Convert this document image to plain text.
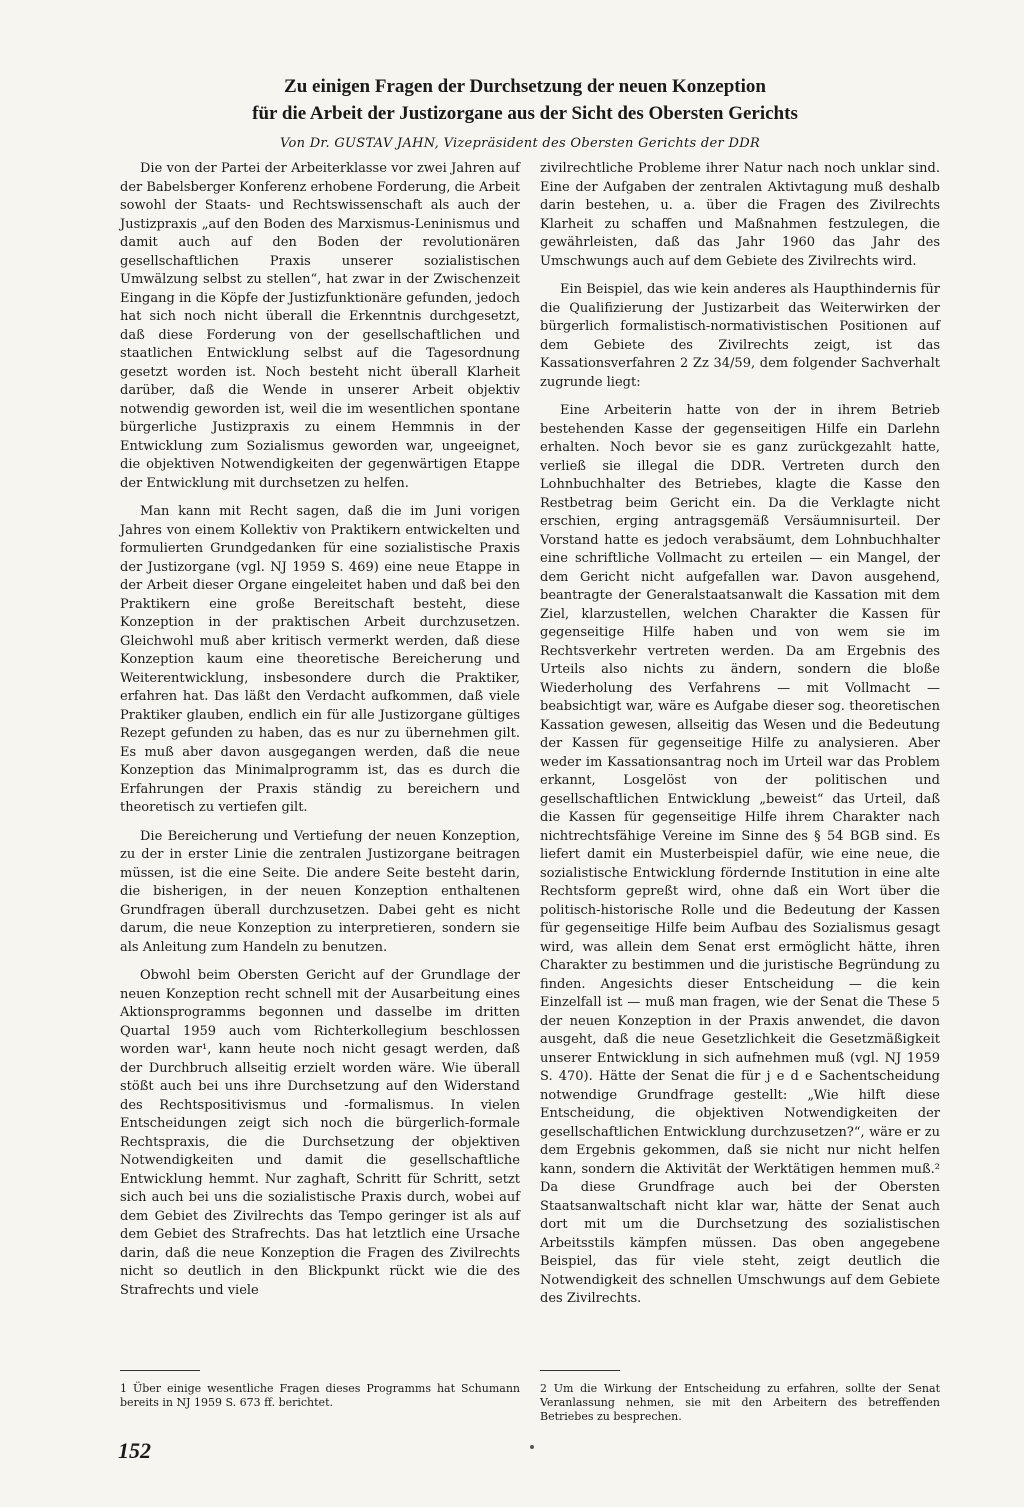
Zu einigen Fragen der Durchsetzung der neuen Konzeption
für die Arbeit der Justizorgane aus der Sicht des Obersten Gerichts
Von Dr. GUSTAV JAHN, Vizepräsident des Obersten Gerichts der DDR

Die von der Partei der Arbeiterklasse vor zwei Jahren auf der Babelsberger Konferenz erhobene Forderung, die Arbeit sowohl der Staats- und Rechtswissenschaft als auch der Justizpraxis „auf den Boden des Marxismus-Leninismus und damit auch auf den Boden der revolutionären gesellschaftlichen Praxis unserer sozialistischen Umwälzung selbst zu stellen“, hat zwar in der Zwischenzeit Eingang in die Köpfe der Justizfunktionäre gefunden, jedoch hat sich noch nicht überall die Erkenntnis durchgesetzt, daß diese Forderung von der gesellschaftlichen und staatlichen Entwicklung selbst auf die Tagesordnung gesetzt worden ist. Noch besteht nicht überall Klarheit darüber, daß die Wende in unserer Arbeit objektiv notwendig geworden ist, weil die im wesentlichen spontane bürgerliche Justizpraxis zu einem Hemmnis in der Entwicklung zum Sozialismus geworden war, ungeeignet, die objektiven Notwendigkeiten der gegenwärtigen Etappe der Entwicklung mit durchsetzen zu helfen.

Man kann mit Recht sagen, daß die im Juni vorigen Jahres von einem Kollektiv von Praktikern entwickelten und formulierten Grundgedanken für eine sozialistische Praxis der Justizorgane (vgl. NJ 1959 S. 469) eine neue Etappe in der Arbeit dieser Organe eingeleitet haben und daß bei den Praktikern eine große Bereitschaft besteht, diese Konzeption in der praktischen Arbeit durchzusetzen. Gleichwohl muß aber kritisch vermerkt werden, daß diese Konzeption kaum eine theoretische Bereicherung und Weiterentwicklung, insbesondere durch die Praktiker, erfahren hat. Das läßt den Verdacht aufkommen, daß viele Praktiker glauben, endlich ein für alle Justizorgane gültiges Rezept gefunden zu haben, das es nur zu übernehmen gilt. Es muß aber davon ausgegangen werden, daß die neue Konzeption das Minimalprogramm ist, das es durch die Erfahrungen der Praxis ständig zu bereichern und theoretisch zu vertiefen gilt.

Die Bereicherung und Vertiefung der neuen Konzeption, zu der in erster Linie die zentralen Justizorgane beitragen müssen, ist die eine Seite. Die andere Seite besteht darin, die bisherigen, in der neuen Konzeption enthaltenen Grundfragen überall durchzusetzen. Dabei geht es nicht darum, die neue Konzeption zu interpretieren, sondern sie als Anleitung zum Handeln zu benutzen.

Obwohl beim Obersten Gericht auf der Grundlage der neuen Konzeption recht schnell mit der Ausarbeitung eines Aktionsprogramms begonnen und dasselbe im dritten Quartal 1959 auch vom Richterkollegium beschlossen worden war¹, kann heute noch nicht gesagt werden, daß der Durchbruch allseitig erzielt worden wäre. Wie überall stößt auch bei uns ihre Durchsetzung auf den Widerstand des Rechtspositivismus und -formalismus. In vielen Entscheidungen zeigt sich noch die bürgerlich-formale Rechtspraxis, die die Durchsetzung der objektiven Notwendigkeiten und damit die gesellschaftliche Entwicklung hemmt. Nur zaghaft, Schritt für Schritt, setzt sich auch bei uns die sozialistische Praxis durch, wobei auf dem Gebiet des Zivilrechts das Tempo geringer ist als auf dem Gebiet des Strafrechts. Das hat letztlich eine Ursache darin, daß die neue Konzeption die Fragen des Zivilrechts nicht so deutlich in den Blickpunkt rückt wie die des Strafrechts und viele

zivilrechtliche Probleme ihrer Natur nach noch unklar sind. Eine der Aufgaben der zentralen Aktivtagung muß deshalb darin bestehen, u. a. über die Fragen des Zivilrechts Klarheit zu schaffen und Maßnahmen festzulegen, die gewährleisten, daß das Jahr 1960 das Jahr des Umschwungs auch auf dem Gebiete des Zivilrechts wird.

Ein Beispiel, das wie kein anderes als Haupthindernis für die Qualifizierung der Justizarbeit das Weiterwirken der bürgerlich formalistisch-normativistischen Positionen auf dem Gebiete des Zivilrechts zeigt, ist das Kassationsverfahren 2 Zz 34/59, dem folgender Sachverhalt zugrunde liegt:

Eine Arbeiterin hatte von der in ihrem Betrieb bestehenden Kasse der gegenseitigen Hilfe ein Darlehn erhalten. Noch bevor sie es ganz zurückgezahlt hatte, verließ sie illegal die DDR. Vertreten durch den Lohnbuchhalter des Betriebes, klagte die Kasse den Restbetrag beim Gericht ein. Da die Verklagte nicht erschien, erging antragsgemäß Versäumnisurteil. Der Vorstand hatte es jedoch verabsäumt, dem Lohnbuchhalter eine schriftliche Vollmacht zu erteilen — ein Mangel, der dem Gericht nicht aufgefallen war. Davon ausgehend, beantragte der Generalstaatsanwalt die Kassation mit dem Ziel, klarzustellen, welchen Charakter die Kassen für gegenseitige Hilfe haben und von wem sie im Rechtsverkehr vertreten werden. Da am Ergebnis des Urteils also nichts zu ändern, sondern die bloße Wiederholung des Verfahrens — mit Vollmacht — beabsichtigt war, wäre es Aufgabe dieser sog. theoretischen Kassation gewesen, allseitig das Wesen und die Bedeutung der Kassen für gegenseitige Hilfe zu analysieren. Aber weder im Kassationsantrag noch im Urteil war das Problem erkannt, Losgelöst von der politischen und gesellschaftlichen Entwicklung „beweist“ das Urteil, daß die Kassen für gegenseitige Hilfe ihrem Charakter nach nichtrechtsfähige Vereine im Sinne des § 54 BGB sind. Es liefert damit ein Musterbeispiel dafür, wie eine neue, die sozialistische Entwicklung fördernde Institution in eine alte Rechtsform gepreßt wird, ohne daß ein Wort über die politisch-historische Rolle und die Bedeutung der Kassen für gegenseitige Hilfe beim Aufbau des Sozialismus gesagt wird, was allein dem Senat erst ermöglicht hätte, ihren Charakter zu bestimmen und die juristische Begründung zu finden. Angesichts dieser Entscheidung — die kein Einzelfall ist — muß man fragen, wie der Senat die These 5 der neuen Konzeption in der Praxis anwendet, die davon ausgeht, daß die neue Gesetzlichkeit die Gesetzmäßigkeit unserer Entwicklung in sich aufnehmen muß (vgl. NJ 1959 S. 470). Hätte der Senat die für j e d e Sachentscheidung notwendige Grundfrage gestellt: „Wie hilft diese Entscheidung, die objektiven Notwendigkeiten der gesellschaftlichen Entwicklung durchzusetzen?“, wäre er zu dem Ergebnis gekommen, daß sie nicht nur nicht helfen kann, sondern die Aktivität der Werktätigen hemmen muß.² Da diese Grundfrage auch bei der Obersten Staatsanwaltschaft nicht klar war, hätte der Senat auch dort mit um die Durchsetzung des sozialistischen Arbeitsstils kämpfen müssen. Das oben angegebene Beispiel, das für viele steht, zeigt deutlich die Notwendigkeit des schnellen Umschwungs auf dem Gebiete des Zivilrechts.

1 Über einige wesentliche Fragen dieses Programms hat Schumann bereits in NJ 1959 S. 673 ff. berichtet.
2 Um die Wirkung der Entscheidung zu erfahren, sollte der Senat Veranlassung nehmen, sie mit den Arbeitern des betreffenden Betriebes zu besprechen.
152
